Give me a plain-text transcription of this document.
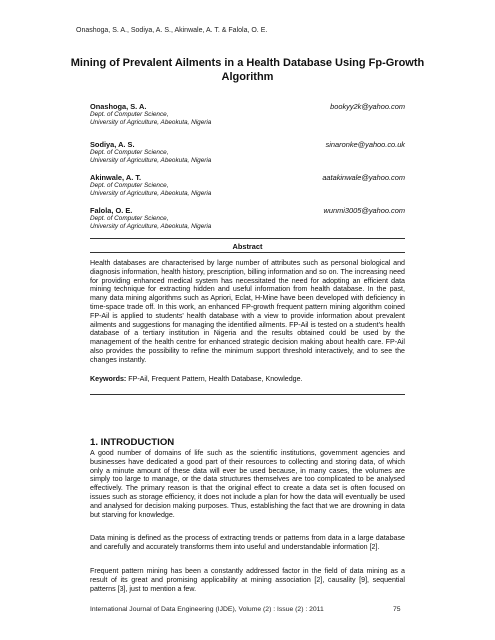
Onashoga, S. A., Sodiya, A. S., Akinwale, A. T. & Falola, O. E.
Mining of Prevalent Ailments in a Health Database Using Fp-Growth Algorithm
Onashoga, S. A.	bookyy2k@yahoo.com
Dept. of Computer Science,
University of Agriculture, Abeokuta, Nigeria
Sodiya, A. S.	sinaronke@yahoo.co.uk
Dept. of Computer Science,
University of Agriculture, Abeokuta, Nigeria
Akinwale, A. T.	aatakinwale@yahoo.com
Dept. of Computer Science,
University of Agriculture, Abeokuta, Nigeria
Falola, O. E.	wunmi3005@yahoo.com
Dept. of Computer Science,
University of Agriculture, Abeokuta, Nigeria
Abstract
Health databases are characterised by large number of attributes such as personal biological and diagnosis information, health history, prescription, billing information and so on. The increasing need for providing enhanced medical system has necessitated the need for adopting an efficient data mining technique for extracting hidden and useful information from health database. In the past, many data mining algorithms such as Apriori, Eclat, H-Mine have been developed with deficiency in time-space trade off. In this work, an enhanced FP-growth frequent pattern mining algorithm coined FP-Ail is applied to students' health database with a view to provide information about prevalent ailments and suggestions for managing the identified ailments. FP-Ail is tested on a student's health database of a tertiary institution in Nigeria and the results obtained could be used by the management of the health centre for enhanced strategic decision making about health care. FP-Ail also provides the possibility to refine the minimum support threshold interactively, and to see the changes instantly.
Keywords: FP-Ail, Frequent Pattern, Health Database, Knowledge.
1. INTRODUCTION
A good number of domains of life such as the scientific institutions, government agencies and businesses have dedicated a good part of their resources to collecting and storing data, of which only a minute amount of these data will ever be used because, in many cases, the volumes are simply too large to manage, or the data structures themselves are too complicated to be analysed effectively. The primary reason is that the original effect to create a data set is often focused on issues such as storage efficiency, it does not include a plan for how the data will eventually be used and analysed for decision making purposes. Thus, establishing the fact that we are drowning in data but starving for knowledge.
Data mining is defined as the process of extracting trends or patterns from data in a large database and carefully and accurately transforms them into useful and understandable information [2].
Frequent pattern mining has been a constantly addressed factor in the field of data mining as a result of its great and promising applicability at mining association [2], causality [9], sequential patterns [3], just to mention a few.
International Journal of Data Engineering (IJDE), Volume (2) : Issue (2) : 2011	75
